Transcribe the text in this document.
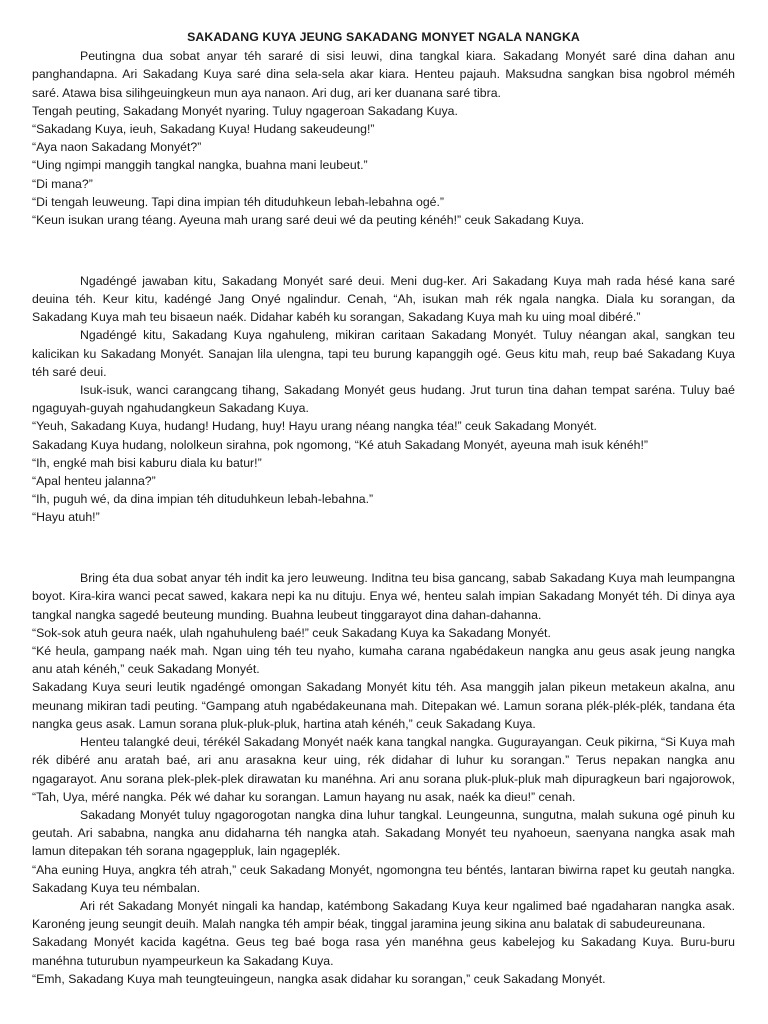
SAKADANG KUYA JEUNG SAKADANG MONYET NGALA NANGKA

Peutingna dua sobat anyar téh sararé di sisi leuwi, dina tangkal kiara. Sakadang Monyét saré dina dahan anu panghandapna. Ari Sakadang Kuya saré dina sela-sela akar kiara. Henteu pajauh. Maksudna sangkan bisa ngobrol méméh saré. Atawa bisa silihgeuingkeun mun aya nanaon. Ari dug, ari ker duanana saré tibra.

Tengah peuting, Sakadang Monyét nyaring. Tuluy ngageroan Sakadang Kuya.

“Sakadang Kuya, ieuh, Sakadang Kuya! Hudang sakeudeung!”

“Aya naon Sakadang Monyét?”

“Uing ngimpi manggih tangkal nangka, buahna mani leubeut.”

“Di mana?”

“Di tengah leuweung. Tapi dina impian téh dituduhkeun lebah-lebahna ogé.”

“Keun isukan urang téang. Ayeuna mah urang saré deui wé da peuting kénéh!” ceuk Sakadang Kuya.

Ngadéngé jawaban kitu, Sakadang Monyét saré deui. Meni dug-ker. Ari Sakadang Kuya mah rada hésé kana saré deuina téh. Keur kitu, kadéngé Jang Onyé ngalindur. Cenah, “Ah, isukan mah rék ngala nangka. Diala ku sorangan, da Sakadang Kuya mah teu bisaeun naék. Didahar kabéh ku sorangan, Sakadang Kuya mah ku uing moal dibéré.”

Ngadéngé kitu, Sakadang Kuya ngahuleng, mikiran caritaan Sakadang Monyét. Tuluy néangan akal, sangkan teu kalicikan ku Sakadang Monyét. Sanajan lila ulengna, tapi teu burung kapanggih ogé. Geus kitu mah, reup baé Sakadang Kuya téh saré deui.

Isuk-isuk, wanci carangcang tihang, Sakadang Monyét geus hudang. Jrut turun tina dahan tempat saréna. Tuluy baé ngaguyah-guyah ngahudangkeun Sakadang Kuya.

“Yeuh, Sakadang Kuya, hudang! Hudang, huy! Hayu urang néang nangka téa!” ceuk Sakadang Monyét.

Sakadang Kuya hudang, nololkeun sirahna, pok ngomong, “Ké atuh Sakadang Monyét, ayeuna mah isuk kénéh!”

“Ih, engké mah bisi kaburu diala ku batur!”

“Apal henteu jalanna?”

“Ih, puguh wé, da dina impian téh dituduhkeun lebah-lebahna.”

“Hayu atuh!”

Bring éta dua sobat anyar téh indit ka jero leuweung. Inditna teu bisa gancang, sabab Sakadang Kuya mah leumpangna boyot. Kira-kira wanci pecat sawed, kakara nepi ka nu dituju. Enya wé, henteu salah impian Sakadang Monyét téh. Di dinya aya tangkal nangka sagedé beuteung munding. Buahna leubeut tinggarayot dina dahan-dahanna.

“Sok-sok atuh geura naék, ulah ngahuhuleng baé!” ceuk Sakadang Kuya ka Sakadang Monyét.

“Ké heula, gampang naék mah. Ngan uing téh teu nyaho, kumaha carana ngabédakeun nangka anu geus asak jeung nangka anu atah kénéh,” ceuk Sakadang Monyét.

Sakadang Kuya seuri leutik ngadéngé omongan Sakadang Monyét kitu téh. Asa manggih jalan pikeun metakeun akalna, anu meunang mikiran tadi peuting. “Gampang atuh ngabédakeunana mah. Ditepakan wé. Lamun sorana plék-plék-plék, tandana éta nangka geus asak. Lamun sorana pluk-pluk-pluk, hartina atah kénéh,” ceuk Sakadang Kuya.

Henteu talangké deui, térékél Sakadang Monyét naék kana tangkal nangka. Gugurayangan. Ceuk pikirna, “Si Kuya mah rék dibéré anu aratah baé, ari anu arasakna keur uing, rék didahar di luhur ku sorangan.” Terus nepakan nangka anu ngagarayot. Anu sorana plek-plek-plek dirawatan ku manéhna. Ari anu sorana pluk-pluk-pluk mah dipuragkeun bari ngajorowok, “Tah, Uya, méré nangka. Pék wé dahar ku sorangan. Lamun hayang nu asak, naék ka dieu!” cenah.

Sakadang Monyét tuluy ngagorogotan nangka dina luhur tangkal. Leungeunna, sungutna, malah sukuna ogé pinuh ku geutah. Ari sababna, nangka anu didaharna téh nangka atah. Sakadang Monyét teu nyahoeun, saenyana nangka asak mah lamun ditepakan téh sorana ngageppluk, lain ngageplék.

“Aha euning Huya, angkra téh atrah,” ceuk Sakadang Monyét, ngomongna teu béntés, lantaran biwirna rapet ku geutah nangka. Sakadang Kuya teu némbalan.

Ari rét Sakadang Monyét ningali ka handap, katémbong Sakadang Kuya keur ngalimed baé ngadaharan nangka asak. Karonéng jeung seungit deuih. Malah nangka téh ampir béak, tinggal jaramina jeung sikina anu balatak di sabudeureunana.

Sakadang Monyét kacida kagétna. Geus teg baé boga rasa yén manéhna geus kabelejog ku Sakadang Kuya. Buru-buru manéhna tuturubun nyampeurkeun ka Sakadang Kuya.

“Emh, Sakadang Kuya mah teungteuingeun, nangka asak didahar ku sorangan,” ceuk Sakadang Monyét.
